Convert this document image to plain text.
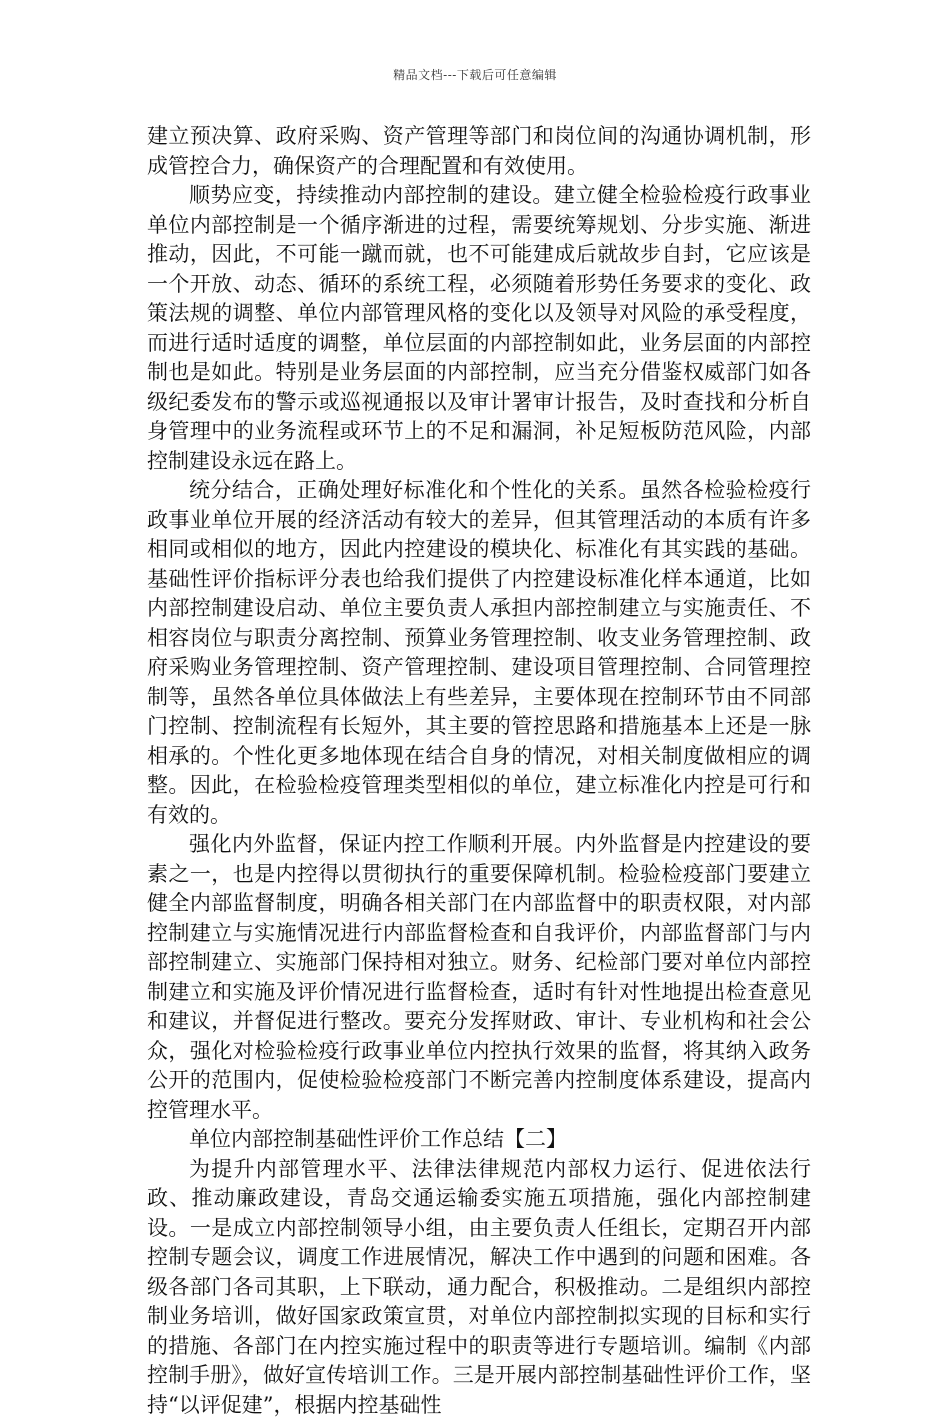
精品文档---下载后可任意编辑

建立预决算、政府采购、资产管理等部门和岗位间的沟通协调机制，形成管控合力，确保资产的合理配置和有效使用。

顺势应变，持续推动内部控制的建设。建立健全检验检疫行政事业单位内部控制是一个循序渐进的过程，需要统筹规划、分步实施、渐进推动，因此，不可能一蹴而就，也不可能建成后就故步自封，它应该是一个开放、动态、循环的系统工程，必须随着形势任务要求的变化、政策法规的调整、单位内部管理风格的变化以及领导对风险的承受程度，而进行适时适度的调整，单位层面的内部控制如此，业务层面的内部控制也是如此。特别是业务层面的内部控制，应当充分借鉴权威部门如各级纪委发布的警示或巡视通报以及审计署审计报告，及时查找和分析自身管理中的业务流程或环节上的不足和漏洞，补足短板防范风险，内部控制建设永远在路上。

统分结合，正确处理好标准化和个性化的关系。虽然各检验检疫行政事业单位开展的经济活动有较大的差异，但其管理活动的本质有许多相同或相似的地方，因此内控建设的模块化、标准化有其实践的基础。基础性评价指标评分表也给我们提供了内控建设标准化样本通道，比如内部控制建设启动、单位主要负责人承担内部控制建立与实施责任、不相容岗位与职责分离控制、预算业务管理控制、收支业务管理控制、政府采购业务管理控制、资产管理控制、建设项目管理控制、合同管理控制等，虽然各单位具体做法上有些差异，主要体现在控制环节由不同部门控制、控制流程有长短外，其主要的管控思路和措施基本上还是一脉相承的。个性化更多地体现在结合自身的情况，对相关制度做相应的调整。因此，在检验检疫管理类型相似的单位，建立标准化内控是可行和有效的。

强化内外监督，保证内控工作顺利开展。内外监督是内控建设的要素之一，也是内控得以贯彻执行的重要保障机制。检验检疫部门要建立健全内部监督制度，明确各相关部门在内部监督中的职责权限，对内部控制建立与实施情况进行内部监督检查和自我评价，内部监督部门与内部控制建立、实施部门保持相对独立。财务、纪检部门要对单位内部控制建立和实施及评价情况进行监督检查，适时有针对性地提出检查意见和建议，并督促进行整改。要充分发挥财政、审计、专业机构和社会公众，强化对检验检疫行政事业单位内控执行效果的监督，将其纳入政务公开的范围内，促使检验检疫部门不断完善内控制度体系建设，提高内控管理水平。

单位内部控制基础性评价工作总结【二】

为提升内部管理水平、法律法律规范内部权力运行、促进依法行政、推动廉政建设，青岛交通运输委实施五项措施，强化内部控制建设。一是成立内部控制领导小组，由主要负责人任组长，定期召开内部控制专题会议，调度工作进展情况，解决工作中遇到的问题和困难。各级各部门各司其职，上下联动，通力配合，积极推动。二是组织内部控制业务培训，做好国家政策宣贯，对单位内部控制拟实现的目标和实行的措施、各部门在内控实施过程中的职责等进行专题培训。编制《内部控制手册》，做好宣传培训工作。三是开展内部控制基础性评价工作，坚持“以评促建”，根据内控基础性
